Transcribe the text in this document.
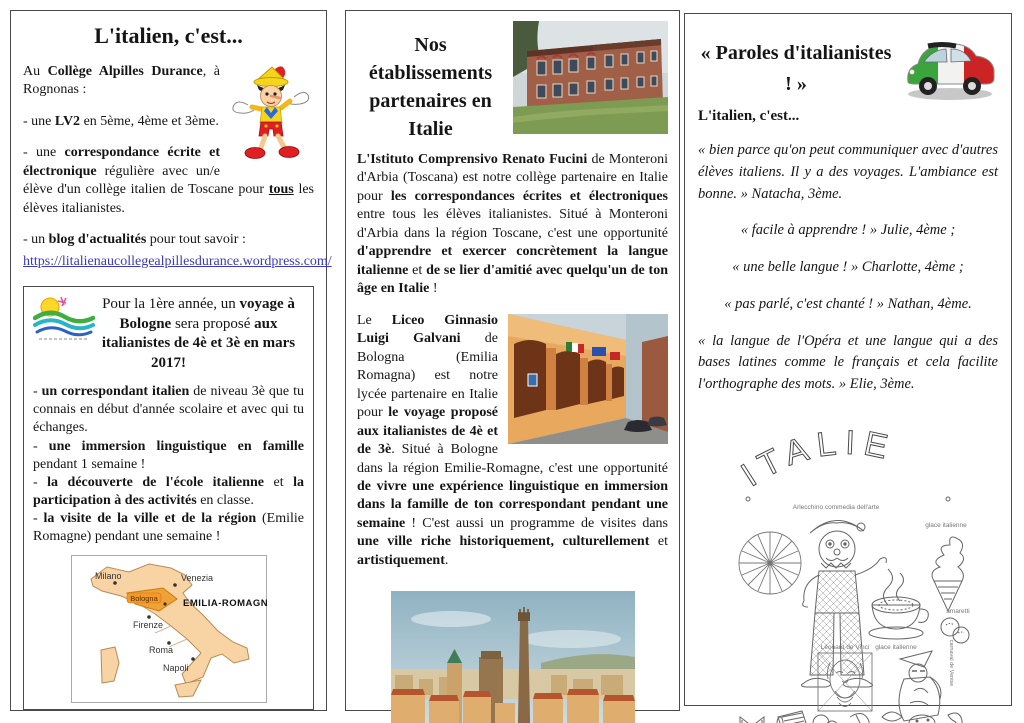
L'italien, c'est...

Au Collège Alpilles Durance, à Rognonas :

- une LV2 en 5ème, 4ème et 3ème.

- une correspondance écrite et électronique régulière avec un/e élève d'un collège italien de Toscane pour tous les élèves italianistes.

- un blog d'actualités pour tout savoir :

https://litalienaucollegealpillesdurance.wordpress.com/
Pour la 1ère année, un voyage à Bologne sera proposé aux italianistes de 4è et 3è en mars 2017!

- un correspondant italien de niveau 3è que tu connais en début d'année scolaire et avec qui tu échanges.

- une immersion linguistique en famille pendant 1 semaine !

- la découverte de l'école italienne et la participation à des activités en classe.

- la visite de la ville et de la région (Emilie Romagne) pendant une semaine !

Milano	Venezia
Bologna	EMILIA-ROMAGNA
Firenze
Roma
Napoli
Nos établissements partenaires en Italie

L'Istituto Comprensivo Renato Fucini de Monteroni d'Arbia (Toscana) est notre collège partenaire en Italie pour les correspondances écrites et électroniques entre tous les élèves italianistes. Situé à Monteroni d'Arbia dans la région Toscane, c'est une opportunité d'apprendre et exercer concrètement la langue italienne et de se lier d'amitié avec quelqu'un de ton âge en Italie !

Le Liceo Ginnasio Luigi Galvani de Bologna (Emilia Romagna) est notre lycée partenaire en Italie pour le voyage proposé aux italianistes de 4è et de 3è. Situé à Bologne dans la région Emilie-Romagne, c'est une opportunité de vivre une expérience linguistique en immersion dans la famille de ton correspondant pendant une semaine ! C'est aussi un programme de visites dans une ville riche historiquement, culturellement et artistiquement.

« Paroles d'italianistes ! »
L'italien, c'est...

« bien parce qu'on peut communiquer avec d'autres élèves italiens. Il y a des voyages. L'ambiance est bonne. » Natacha, 3ème.

« facile à apprendre ! » Julie, 4ème ;

« une belle langue ! » Charlotte, 4ème ;

« pas parlé, c'est chanté ! » Nathan, 4ème.

« la langue de l'Opéra et une langue qui a des bases latines comme le français et cela facilite l'orthographe des mots. » Elie, 3ème.

ITALIE
Arlecchino commedia dell'arte
glace italienne
glace italienne
amaretti
Léonard de Vinci	carnaval de Venise
